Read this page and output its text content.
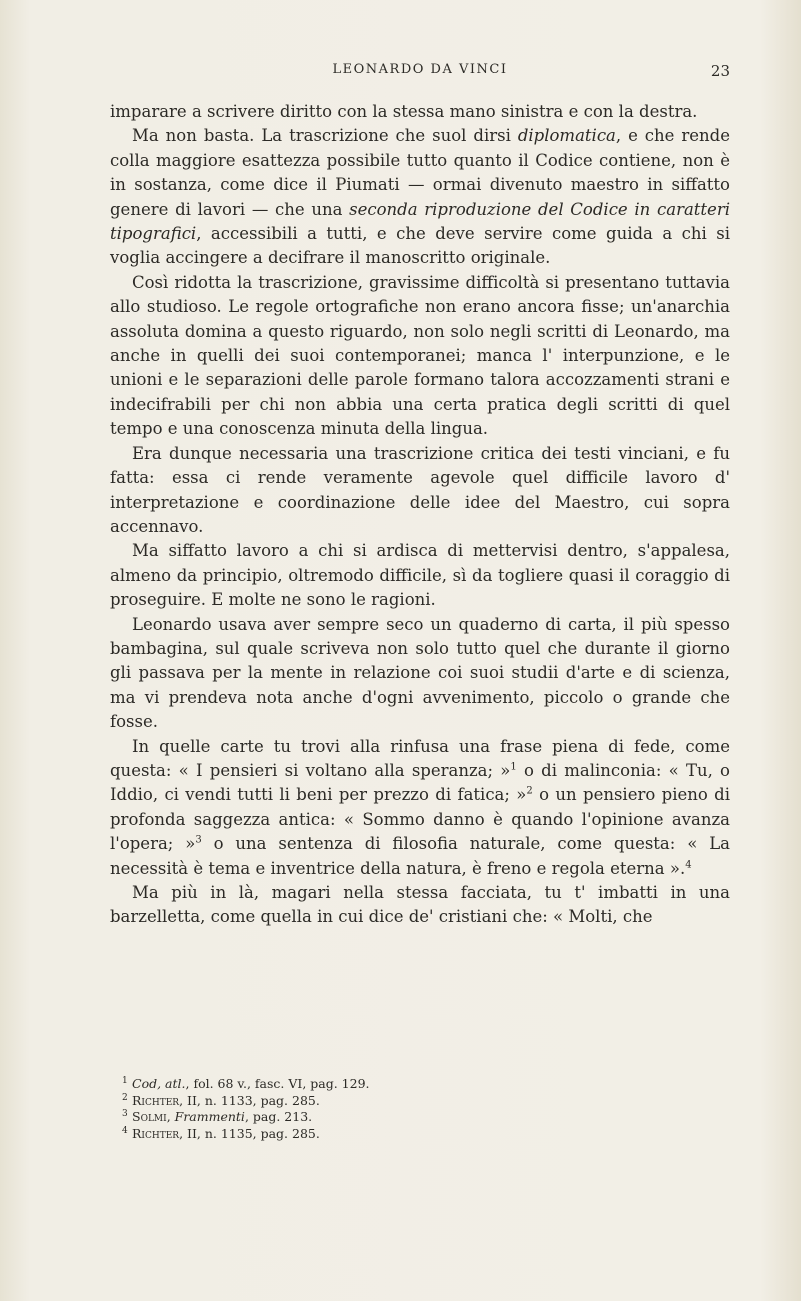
LEONARDO DA VINCI	23

imparare a scrivere diritto con la stessa mano sinistra e con la destra.

Ma non basta. La trascrizione che suol dirsi diplomatica, e che rende colla maggiore esattezza possibile tutto quanto il Codice contiene, non è in sostanza, come dice il Piumati — ormai divenuto maestro in siffatto genere di lavori — che una seconda riproduzione del Codice in caratteri tipografici, accessibili a tutti, e che deve servire come guida a chi si voglia accingere a decifrare il manoscritto originale.

Così ridotta la trascrizione, gravissime difficoltà si presentano tuttavia allo studioso. Le regole ortografiche non erano ancora fisse; un'anarchia assoluta domina a questo riguardo, non solo negli scritti di Leonardo, ma anche in quelli dei suoi contemporanei; manca l' interpunzione, e le unioni e le separazioni delle parole formano talora accozzamenti strani e indecifrabili per chi non abbia una certa pratica degli scritti di quel tempo e una conoscenza minuta della lingua.

Era dunque necessaria una trascrizione critica dei testi vinciani, e fu fatta: essa ci rende veramente agevole quel difficile lavoro d' interpretazione e coordinazione delle idee del Maestro, cui sopra accennavo.

Ma siffatto lavoro a chi si ardisca di mettervisi dentro, s'appalesa, almeno da principio, oltremodo difficile, sì da togliere quasi il coraggio di proseguire. E molte ne sono le ragioni.

Leonardo usava aver sempre seco un quaderno di carta, il più spesso bambagina, sul quale scriveva non solo tutto quel che durante il giorno gli passava per la mente in relazione coi suoi studii d'arte e di scienza, ma vi prendeva nota anche d'ogni avvenimento, piccolo o grande che fosse.

In quelle carte tu trovi alla rinfusa una frase piena di fede, come questa: « I pensieri si voltano alla speranza; »$^1$ o di malinconia: « Tu, o Iddio, ci vendi tutti li beni per prezzo di fatica; »$^2$ o un pensiero pieno di profonda saggezza antica: « Sommo danno è quando l'opinione avanza l'opera; »$^3$ o una sentenza di filosofia naturale, come questa: « La necessità è tema e inventrice della natura, è freno e regola eterna ».$^4$

Ma più in là, magari nella stessa facciata, tu t' imbatti in una barzelletta, come quella in cui dice de' cristiani che: « Molti, che

1 Cod, atl., fol. 68 v., fasc. VI, pag. 129.
2 Richter, II, n. 1133, pag. 285.
3 Solmi, Frammenti, pag. 213.
4 Richter, II, n. 1135, pag. 285.
